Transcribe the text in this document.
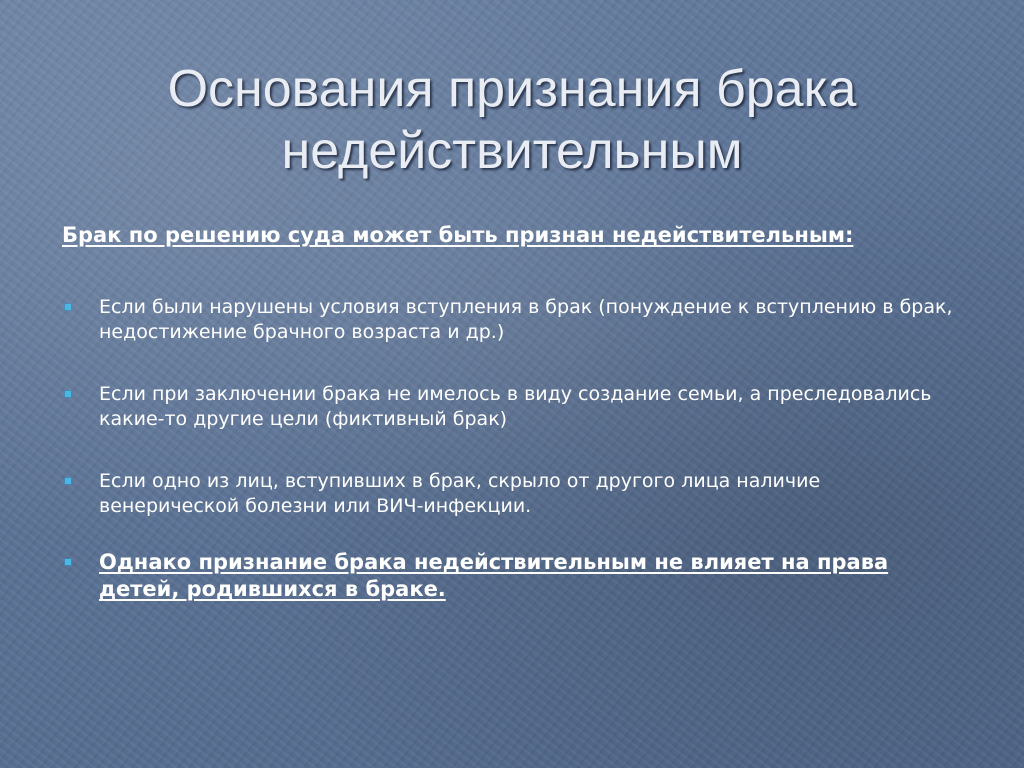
Основания признания брака
недействительным

Брак по решению суда может быть признан недействительным:

Если были нарушены условия вступления в брак (понуждение к вступлению в брак, недостижение брачного возраста и др.)
Если при заключении брака не имелось в виду создание семьи, а преследовались какие-то другие цели (фиктивный брак)
Если одно из лиц, вступивших в брак, скрыло от другого лица наличие венерической болезни или ВИЧ-инфекции.
Однако признание брака недействительным не влияет на права детей, родившихся в браке.
